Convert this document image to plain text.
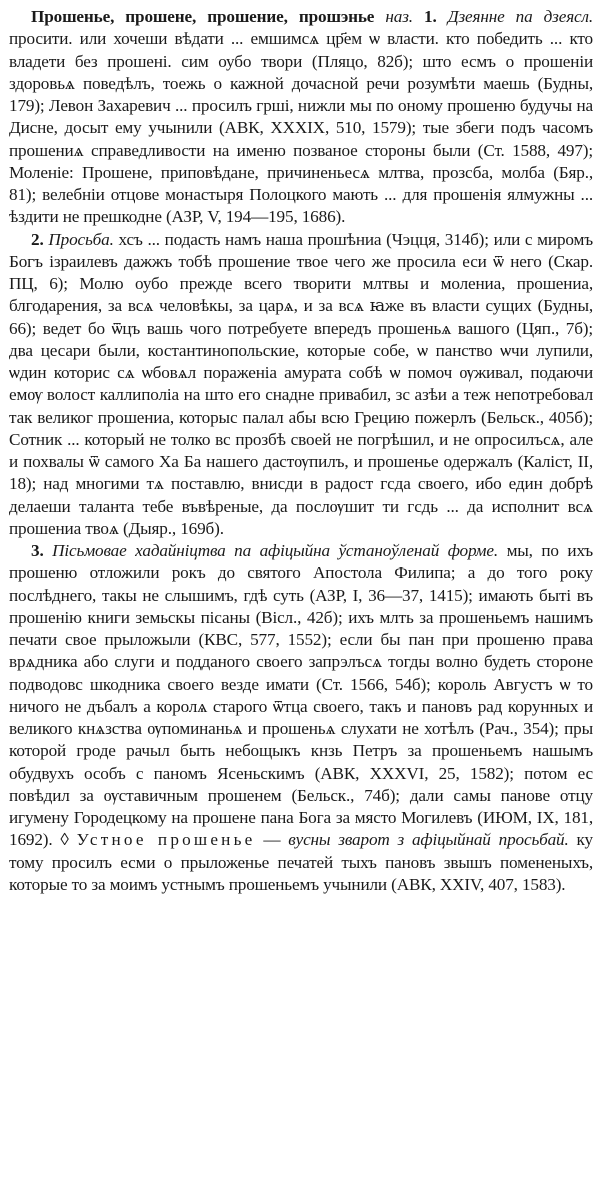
Прошенье, прошене, прошение, прошэнье наз. 1. Дзеянне па дзеясл. просити. или хочеши вѣдати ... емшимсѧ цр҃ем ѡ власти. кто победить ... кто владети без прошені. сим оубо твори (Пляцо, 82б); што есмъ о прошеніи здоровьѧ поведѣлъ, тоежь о кажной дочасной речи розумѣти маешь (Будны, 179); Левон Захаревич ... просилъ грші, нижли мы по оному прошеню будучы на Дисне, досыт ему учынили (АВК, XXXIX, 510, 1579); тые збеги подъ часомъ прошениѧ справедливости на именю позваное стороны были (Ст. 1588, 497); Моленіе: Прошене, приповѣдане, причиненьесѧ млтва, прозсба, молба (Бяр., 81); велебніи отцове монастыря Полоцкого мають ... для прошенія ялмужны ... ѣздити не прешкодне (АЗР, V, 194—195, 1686).

2. Просьба. хсъ ... подасть намъ наша прошѣниа (Чэцця, 314б); или с миромъ Богъ ізраилевъ дажжъ тобѣ прошение твое чего же просила еси ѿ него (Скар. ПЦ, 6); Молю оубо прежде всего творити млтвы и молениа, прошениа, блгодарения, за всѧ человѣкы, за царѧ, и за всѧ ꙗже въ власти сущих (Будны, 66); ведет бо ѿцъ вашь чого потребуете впередъ прошеньѧ вашого (Цяп., 7б); два цесари были, костантинопольские, которые собе, ѡ панство ѡчи лупили, ѡдин которис сѧ ѡбовѧл пораженіа амурата собѣ ѡ помоч ѹживал, подаючи емѹ волост каллиполіа на што его снадне привабил, зс азѣи а теж непотребовал так великог прошениа, которыс палал абы всю Грецию пожерлъ (Бельск., 405б); Сотник ... который не толко вс прозбѣ своей не погрѣшил, и не опросилъсѧ, але и похвалы ѿ самого Ха Ба нашего дастѹпилъ, и прошенье одержалъ (Каліст, II, 18); над многими тѧ поставлю, внисди в радост гсда своего, ибо един добрѣ делаеши таланта тебе въвѣреные, да послѹшит ти гсдь ... да исполнит всѧ прошениа твоѧ (Дыяр., 169б).

3. Пісьмовае хадайніцтва па афіцыйна ўстаноўленай форме. мы, по ихъ прошеню отложили рокъ до святого Апостола Филипа; а до того року послѣднего, такы не слышимъ, гдѣ суть (АЗР, I, 36—37, 1415); имають быті въ прошенію книги земьскы пісаны (Вісл., 42б); ихъ млть за прошеньемъ нашимъ печати свое прыложыли (КВС, 577, 1552); если бы пан при прошеню права врѧдника або слуги и подданого своего запрэлъсѧ тогды волно будеть стороне подводовс шкодника своего везде имати (Ст. 1566, 54б); король Августъ ѡ то ничого не дъбалъ а королѧ старого ѿтца своего, такъ и пановъ рад корунных и великого кнѧзства ѹпоминаньѧ и прошеньѧ слухати не хотѣлъ (Рач., 354); пры которой гроде рачыл быть небощыкъ кнзь Петръ за прошеньемъ нашымъ обудвухъ особъ с паномъ Ясеньскимъ (АВК, XXXVI, 25, 1582); потом ес повѣдил за ѹставичным прошенем (Бельск., 74б); дали самы панове отцу игумену Городецкому на прошене пана Бога за място Могилевъ (ИЮМ, IX, 181, 1692). ◊ Устное прошенье — вусны зварот з афіцыйнай просьбай. ку тому просилъ есми о прыложенье печатей тыхъ пановъ звышъ помененыхъ, которые то за моимъ устнымъ прошеньемъ учынили (АВК, XXIV, 407, 1583).
